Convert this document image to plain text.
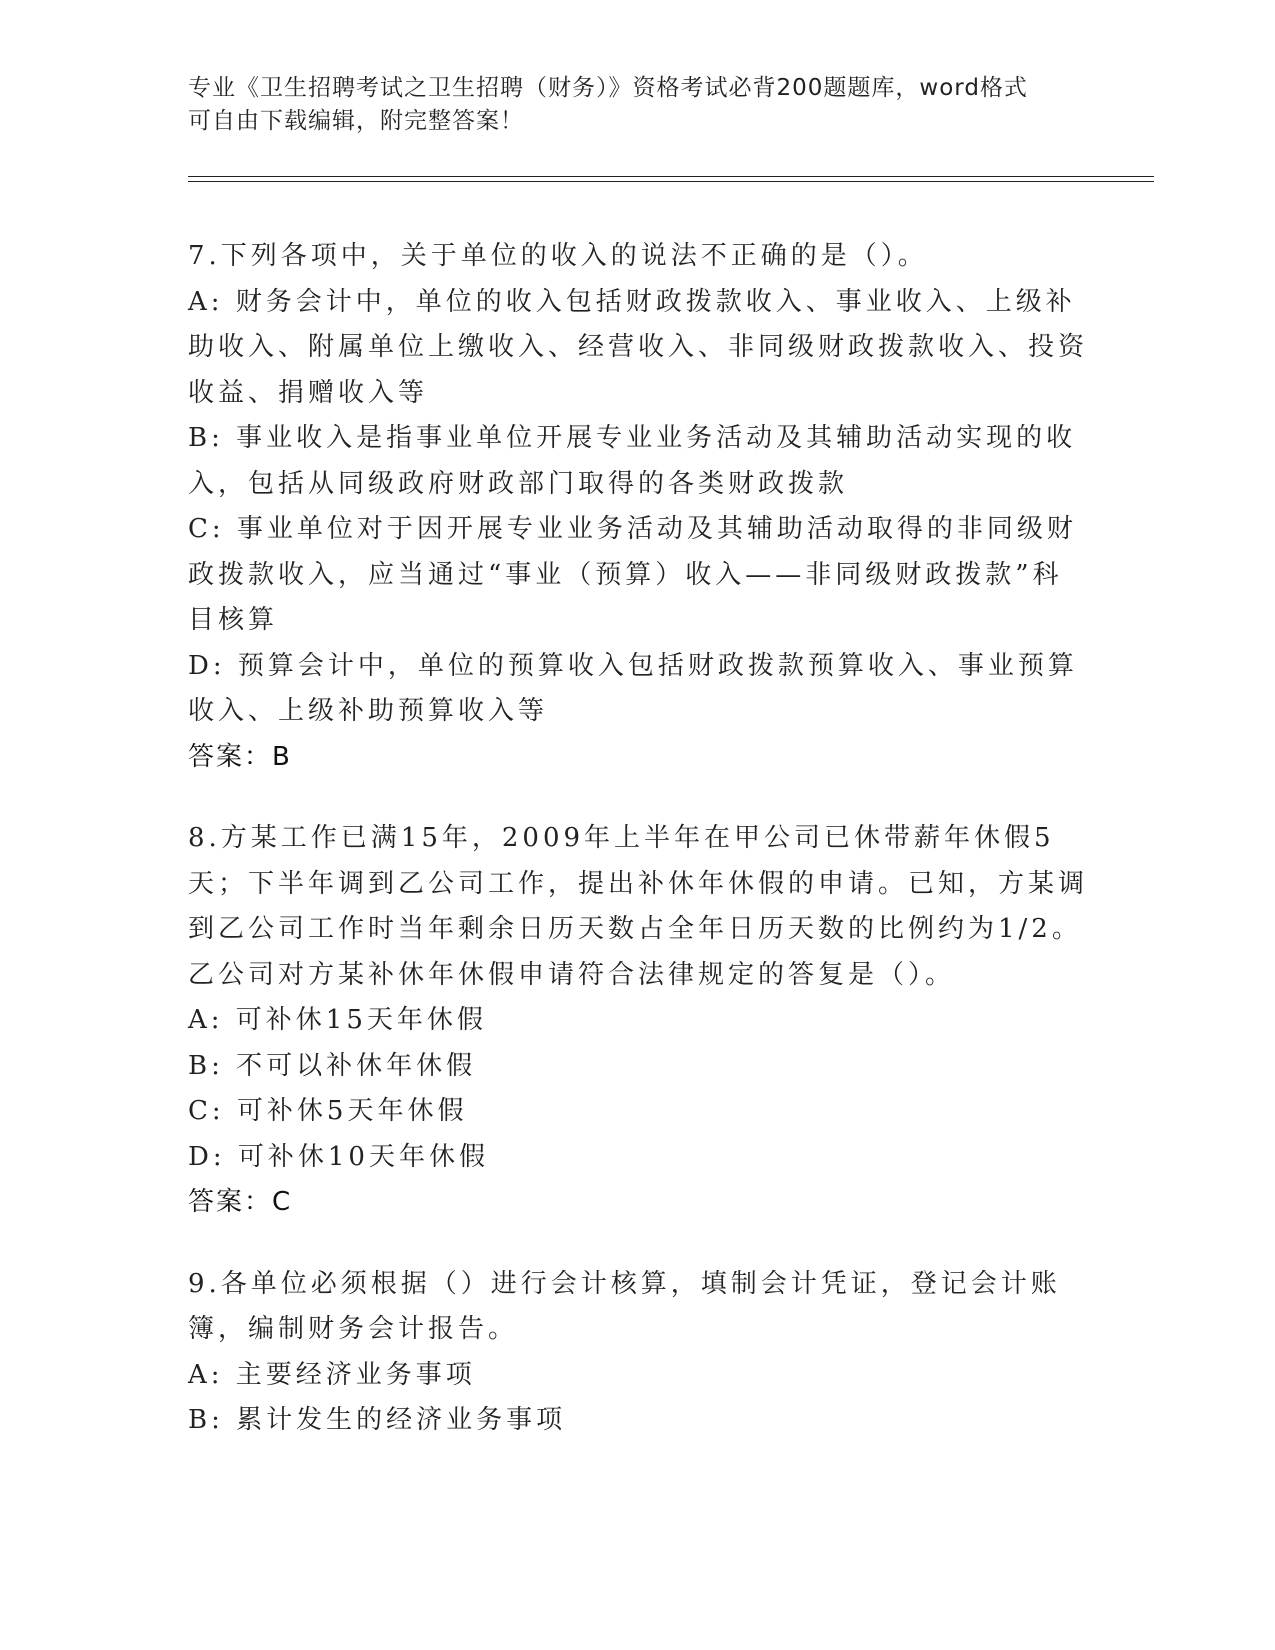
专业《卫生招聘考试之卫生招聘（财务）》资格考试必背200题题库，word格式
可自由下载编辑，附完整答案！

7.下列各项中，关于单位的收入的说法不正确的是（）。

A: 财务会计中，单位的收入包括财政拨款收入、事业收入、上级补助收入、附属单位上缴收入、经营收入、非同级财政拨款收入、投资收益、捐赠收入等

B: 事业收入是指事业单位开展专业业务活动及其辅助活动实现的收入，包括从同级政府财政部门取得的各类财政拨款

C: 事业单位对于因开展专业业务活动及其辅助活动取得的非同级财政拨款收入，应当通过“事业（预算）收入——非同级财政拨款”科目核算

D: 预算会计中，单位的预算收入包括财政拨款预算收入、事业预算收入、上级补助预算收入等

答案：B

8.方某工作已满15年，2009年上半年在甲公司已休带薪年休假5天；下半年调到乙公司工作，提出补休年休假的申请。已知，方某调到乙公司工作时当年剩余日历天数占全年日历天数的比例约为1/2。乙公司对方某补休年休假申请符合法律规定的答复是（）。

A: 可补休15天年休假

B: 不可以补休年休假

C: 可补休5天年休假

D: 可补休10天年休假

答案：C

9.各单位必须根据（）进行会计核算，填制会计凭证，登记会计账簿，编制财务会计报告。

A: 主要经济业务事项

B: 累计发生的经济业务事项
